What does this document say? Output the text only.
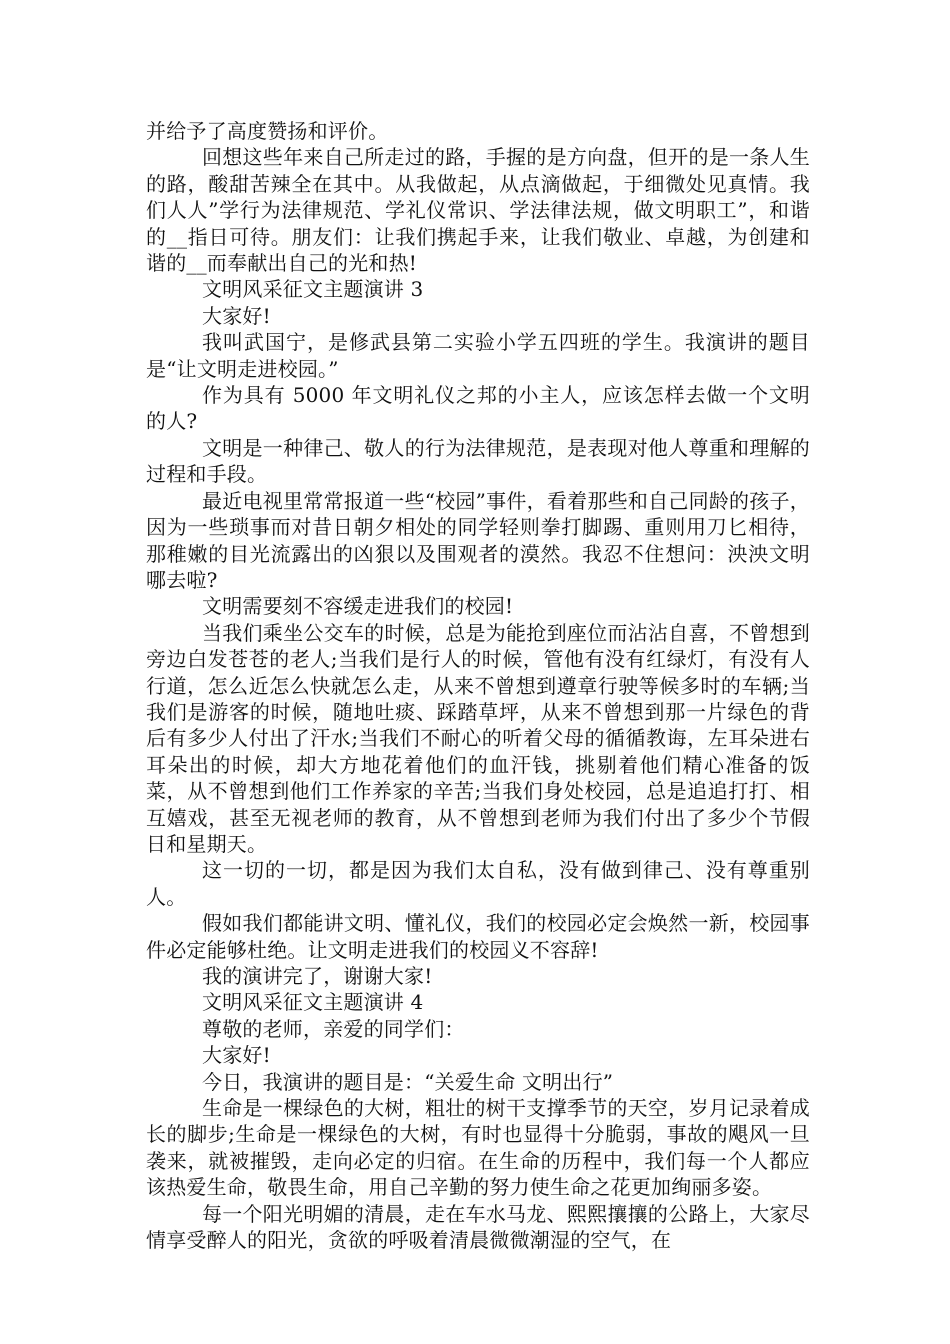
并给予了高度赞扬和评价。

回想这些年来自己所走过的路，手握的是方向盘，但开的是一条人生的路，酸甜苦辣全在其中。从我做起，从点滴做起，于细微处见真情。我们人人”学行为法律规范、学礼仪常识、学法律法规，做文明职工”，和谐的__指日可待。朋友们：让我们携起手来，让我们敬业、卓越，为创建和谐的__而奉献出自己的光和热!

文明风采征文主题演讲 3

大家好!

我叫武国宁，是修武县第二实验小学五四班的学生。我演讲的题目是“让文明走进校园。”

作为具有 5000 年文明礼仪之邦的小主人，应该怎样去做一个文明的人?

文明是一种律己、敬人的行为法律规范，是表现对他人尊重和理解的过程和手段。

最近电视里常常报道一些“校园”事件，看着那些和自己同龄的孩子，因为一些琐事而对昔日朝夕相处的同学轻则拳打脚踢、重则用刀匕相待，那稚嫩的目光流露出的凶狠以及围观者的漠然。我忍不住想问：泱泱文明哪去啦?

文明需要刻不容缓走进我们的校园!

当我们乘坐公交车的时候，总是为能抢到座位而沾沾自喜，不曾想到旁边白发苍苍的老人;当我们是行人的时候，管他有没有红绿灯，有没有人行道，怎么近怎么快就怎么走，从来不曾想到遵章行驶等候多时的车辆;当我们是游客的时候，随地吐痰、踩踏草坪，从来不曾想到那一片绿色的背后有多少人付出了汗水;当我们不耐心的听着父母的循循教诲，左耳朵进右耳朵出的时候，却大方地花着他们的血汗钱，挑剔着他们精心准备的饭菜，从不曾想到他们工作养家的辛苦;当我们身处校园，总是追追打打、相互嬉戏，甚至无视老师的教育，从不曾想到老师为我们付出了多少个节假日和星期天。

这一切的一切，都是因为我们太自私，没有做到律己、没有尊重别人。

假如我们都能讲文明、懂礼仪，我们的校园必定会焕然一新，校园事件必定能够杜绝。让文明走进我们的校园义不容辞!

我的演讲完了，谢谢大家!

文明风采征文主题演讲 4

尊敬的老师，亲爱的同学们：

大家好!

今日，我演讲的题目是：“关爱生命 文明出行”

生命是一棵绿色的大树，粗壮的树干支撑季节的天空，岁月记录着成长的脚步;生命是一棵绿色的大树，有时也显得十分脆弱，事故的飓风一旦袭来，就被摧毁，走向必定的归宿。在生命的历程中，我们每一个人都应该热爱生命，敬畏生命，用自己辛勤的努力使生命之花更加绚丽多姿。

每一个阳光明媚的清晨，走在车水马龙、熙熙攘攘的公路上，大家尽情享受醉人的阳光，贪欲的呼吸着清晨微微潮湿的空气，在
